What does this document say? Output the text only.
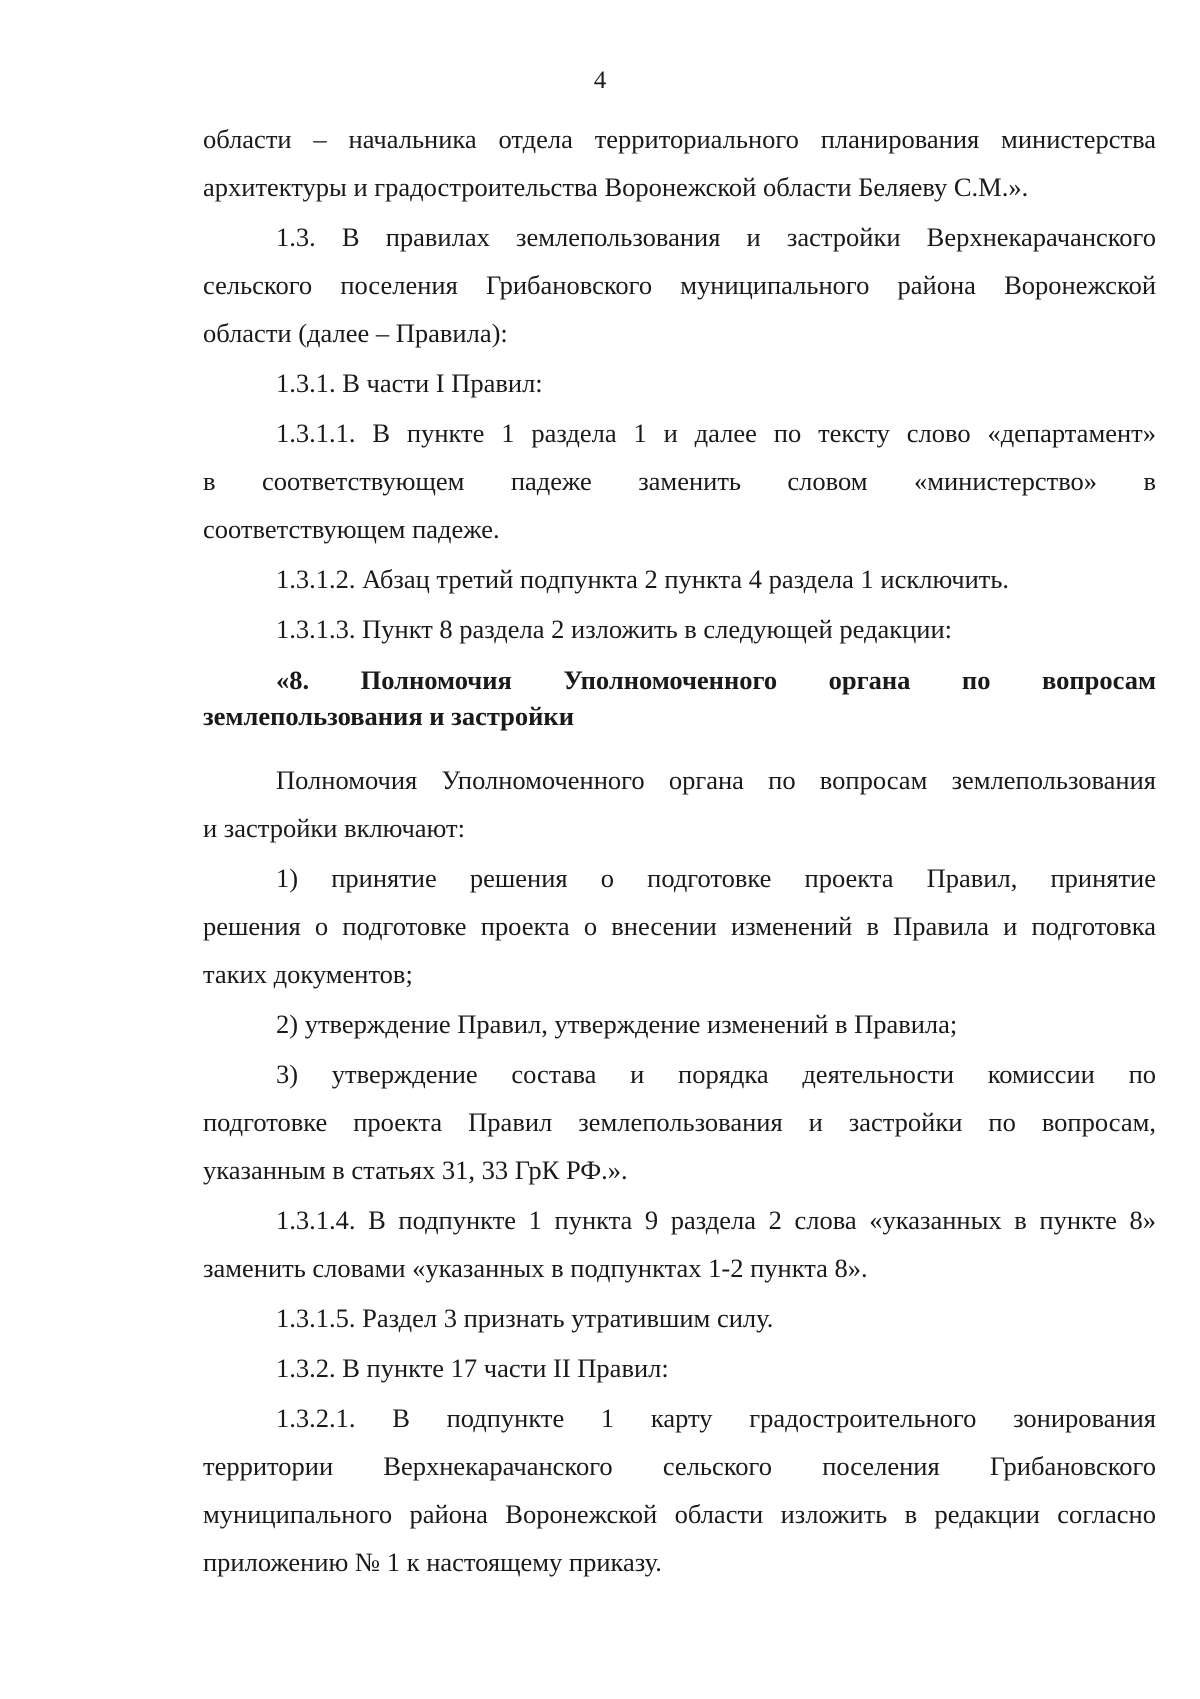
4
области – начальника отдела территориального планирования министерства
архитектуры и градостроительства Воронежской области Беляеву С.М.».
1.3. В правилах землепользования и застройки Верхнекарачанского
сельского поселения Грибановского муниципального района Воронежской
области (далее – Правила):
1.3.1. В части I Правил:
1.3.1.1. В пункте 1 раздела 1 и далее по тексту слово «департамент»
в соответствующем падеже заменить словом «министерство» в
соответствующем падеже.
1.3.1.2. Абзац третий подпункта 2 пункта 4 раздела 1 исключить.
1.3.1.3. Пункт 8 раздела 2 изложить в следующей редакции:
«8. Полномочия Уполномоченного органа по вопросам
землепользования и застройки
Полномочия Уполномоченного органа по вопросам землепользования
и застройки включают:
1) принятие решения о подготовке проекта Правил, принятие
решения о подготовке проекта о внесении изменений в Правила и подготовка
таких документов;
2) утверждение Правил, утверждение изменений в Правила;
3) утверждение состава и порядка деятельности комиссии по
подготовке проекта Правил землепользования и застройки по вопросам,
указанным в статьях 31, 33 ГрК РФ.».
1.3.1.4. В подпункте 1 пункта 9 раздела 2 слова «указанных в пункте 8»
заменить словами «указанных в подпунктах 1-2 пункта 8».
1.3.1.5. Раздел 3 признать утратившим силу.
1.3.2. В пункте 17 части II Правил:
1.3.2.1. В подпункте 1 карту градостроительного зонирования
территории Верхнекарачанского сельского поселения Грибановского
муниципального района Воронежской области изложить в редакции согласно
приложению № 1 к настоящему приказу.
